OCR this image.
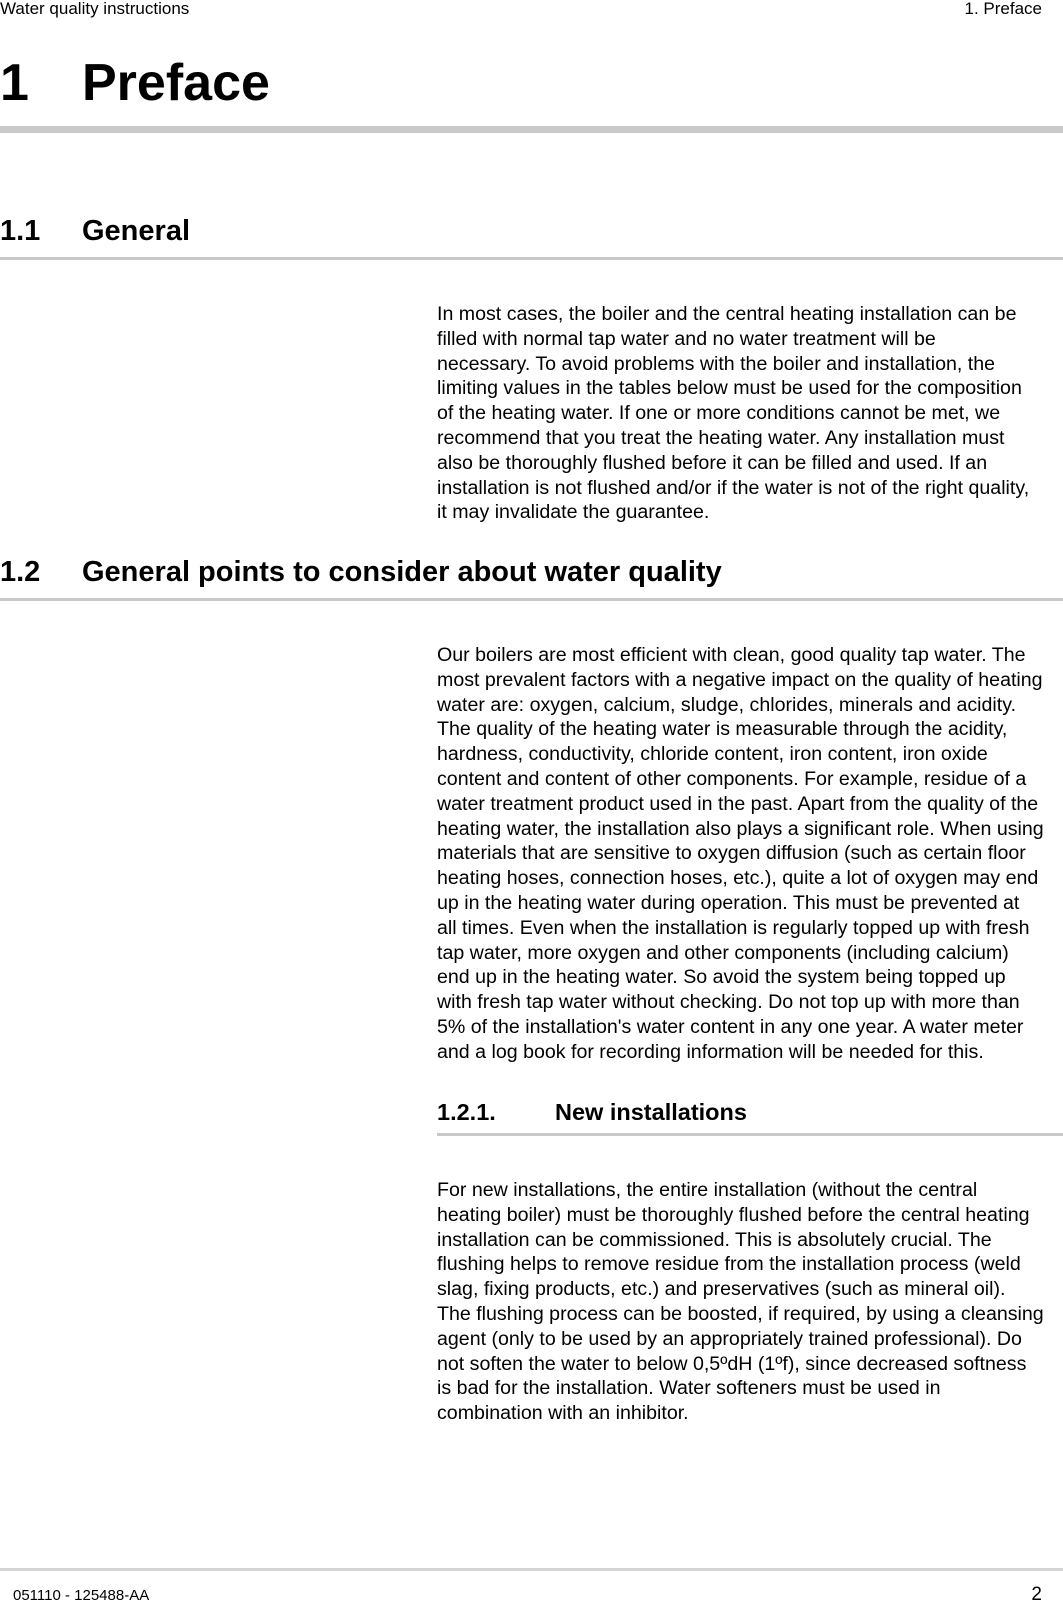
Water quality instructions	1. Preface
1 Preface
1.1 General

In most cases, the boiler and the central heating installation can be
filled with normal tap water and no water treatment will be
necessary. To avoid problems with the boiler and installation, the
limiting values in the tables below must be used for the composition
of the heating water. If one or more conditions cannot be met, we
recommend that you treat the heating water. Any installation must
also be thoroughly flushed before it can be filled and used. If an
installation is not flushed and/or if the water is not of the right quality,
it may invalidate the guarantee.

1.2 General points to consider about water quality

Our boilers are most efficient with clean, good quality tap water. The
most prevalent factors with a negative impact on the quality of heating
water are: oxygen, calcium, sludge, chlorides, minerals and acidity.
The quality of the heating water is measurable through the acidity,
hardness, conductivity, chloride content, iron content, iron oxide
content and content of other components. For example, residue of a
water treatment product used in the past. Apart from the quality of the
heating water, the installation also plays a significant role. When using
materials that are sensitive to oxygen diffusion (such as certain floor
heating hoses, connection hoses, etc.), quite a lot of oxygen may end
up in the heating water during operation. This must be prevented at
all times. Even when the installation is regularly topped up with fresh
tap water, more oxygen and other components (including calcium)
end up in the heating water. So avoid the system being topped up
with fresh tap water without checking. Do not top up with more than
5% of the installation's water content in any one year. A water meter
and a log book for recording information will be needed for this.

1.2.1.	New installations

For new installations, the entire installation (without the central
heating boiler) must be thoroughly flushed before the central heating
installation can be commissioned. This is absolutely crucial. The
flushing helps to remove residue from the installation process (weld
slag, fixing products, etc.) and preservatives (such as mineral oil).
The flushing process can be boosted, if required, by using a cleansing
agent (only to be used by an appropriately trained professional). Do
not soften the water to below 0,5ºdH (1ºf), since decreased softness
is bad for the installation. Water softeners must be used in
combination with an inhibitor.

051110 - 125488-AA	2
